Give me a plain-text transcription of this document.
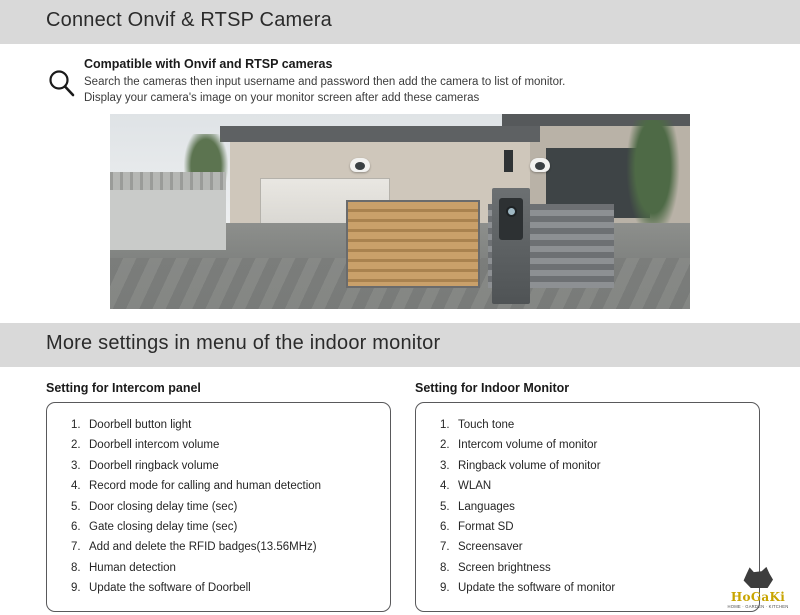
Connect Onvif & RTSP Camera
Compatible with Onvif and RTSP cameras
Search the cameras then input username and password then add the camera to list of monitor.
Display your camera's image on your monitor screen after add these cameras
More settings in menu of the indoor monitor
Setting for Intercom panel
Doorbell button light
Doorbell intercom volume
Doorbell ringback volume
Record mode for calling and human detection
Door closing delay time (sec)
Gate closing delay time (sec)
Add and delete the RFID badges(13.56MHz)
Human detection
Update the software of Doorbell
Setting for Indoor Monitor
Touch tone
Intercom volume of monitor
Ringback volume of monitor
WLAN
Languages
Format SD
Screensaver
Screen brightness
Update the software of monitor
HoGaKi
HOME · GARDEN · KITCHEN
